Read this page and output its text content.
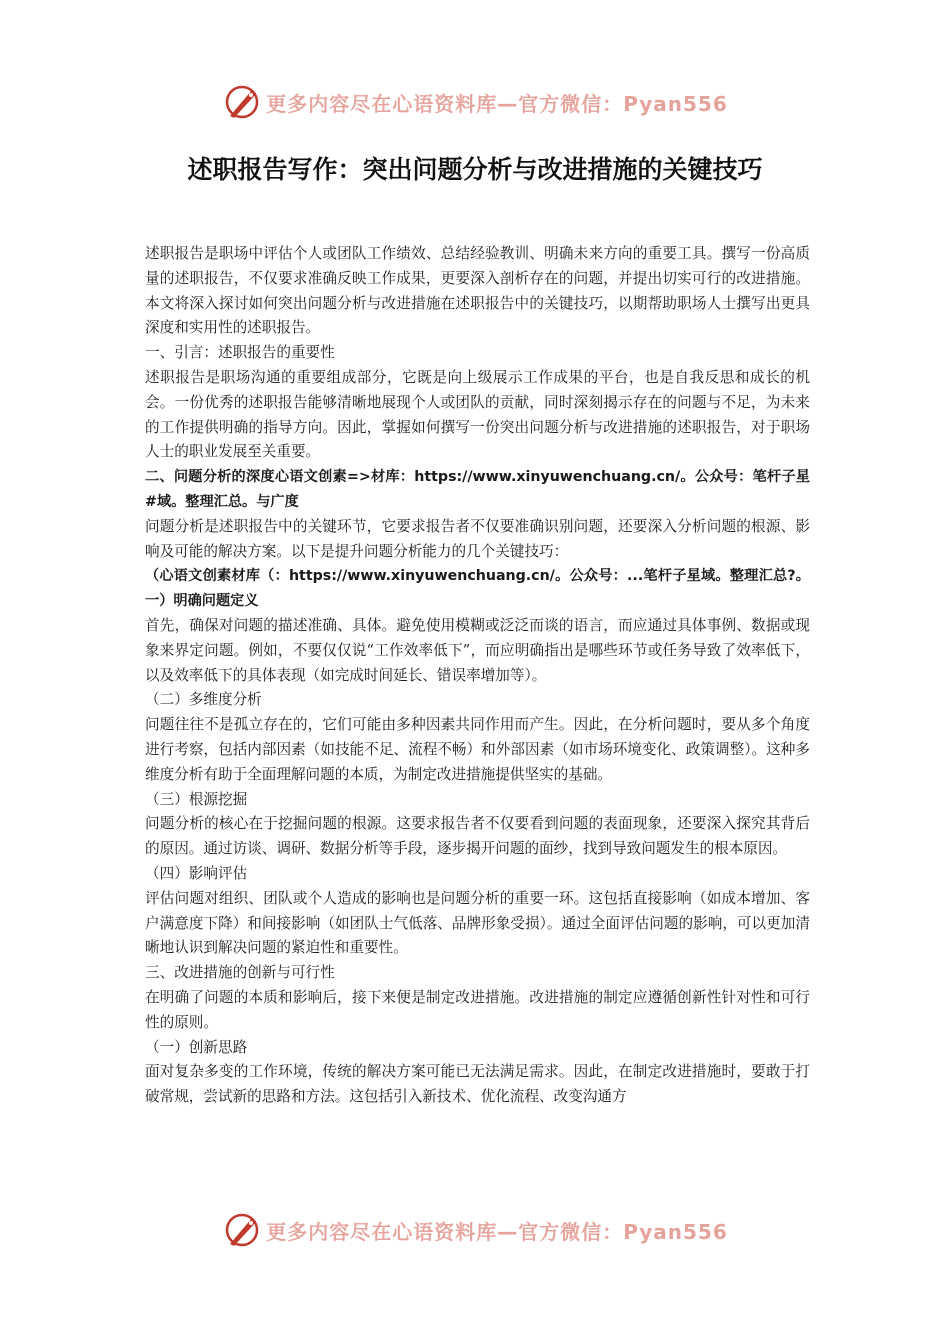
更多内容尽在心语资料库—官方微信：Pyan556
述职报告写作：突出问题分析与改进措施的关键技巧

述职报告是职场中评估个人或团队工作绩效、总结经验教训、明确未来方向的重要工具。撰写一份高质量的述职报告，不仅要求准确反映工作成果，更要深入剖析存在的问题，并提出切实可行的改进措施。本文将深入探讨如何突出问题分析与改进措施在述职报告中的关键技巧，以期帮助职场人士撰写出更具深度和实用性的述职报告。

一、引言：述职报告的重要性

述职报告是职场沟通的重要组成部分，它既是向上级展示工作成果的平台，也是自我反思和成长的机会。一份优秀的述职报告能够清晰地展现个人或团队的贡献，同时深刻揭示存在的问题与不足，为未来的工作提供明确的指导方向。因此，掌握如何撰写一份突出问题分析与改进措施的述职报告，对于职场人士的职业发展至关重要。

二、问题分析的深度心语文创素=>材库：https://www.xinyuwenchuang.cn/。公众号：笔杆子星#域。整理汇总。与广度

问题分析是述职报告中的关键环节，它要求报告者不仅要准确识别问题，还要深入分析问题的根源、影响及可能的解决方案。以下是提升问题分析能力的几个关键技巧：

（心语文创素材库（：https://www.xinyuwenchuang.cn/。公众号：...笔杆子星域。整理汇总?。一）明确问题定义

首先，确保对问题的描述准确、具体。避免使用模糊或泛泛而谈的语言，而应通过具体事例、数据或现象来界定问题。例如，不要仅仅说“工作效率低下”，而应明确指出是哪些环节或任务导致了效率低下，以及效率低下的具体表现（如完成时间延长、错误率增加等）。

（二）多维度分析

问题往往不是孤立存在的，它们可能由多种因素共同作用而产生。因此，在分析问题时，要从多个角度进行考察，包括内部因素（如技能不足、流程不畅）和外部因素（如市场环境变化、政策调整）。这种多维度分析有助于全面理解问题的本质，为制定改进措施提供坚实的基础。

（三）根源挖掘

问题分析的核心在于挖掘问题的根源。这要求报告者不仅要看到问题的表面现象，还要深入探究其背后的原因。通过访谈、调研、数据分析等手段，逐步揭开问题的面纱，找到导致问题发生的根本原因。

（四）影响评估

评估问题对组织、团队或个人造成的影响也是问题分析的重要一环。这包括直接影响（如成本增加、客户满意度下降）和间接影响（如团队士气低落、品牌形象受损）。通过全面评估问题的影响，可以更加清晰地认识到解决问题的紧迫性和重要性。

三、改进措施的创新与可行性

在明确了问题的本质和影响后，接下来便是制定改进措施。改进措施的制定应遵循创新性针对性和可行性的原则。

（一）创新思路

面对复杂多变的工作环境，传统的解决方案可能已无法满足需求。因此，在制定改进措施时，要敢于打破常规，尝试新的思路和方法。这包括引入新技术、优化流程、改变沟通方

更多内容尽在心语资料库—官方微信：Pyan556
